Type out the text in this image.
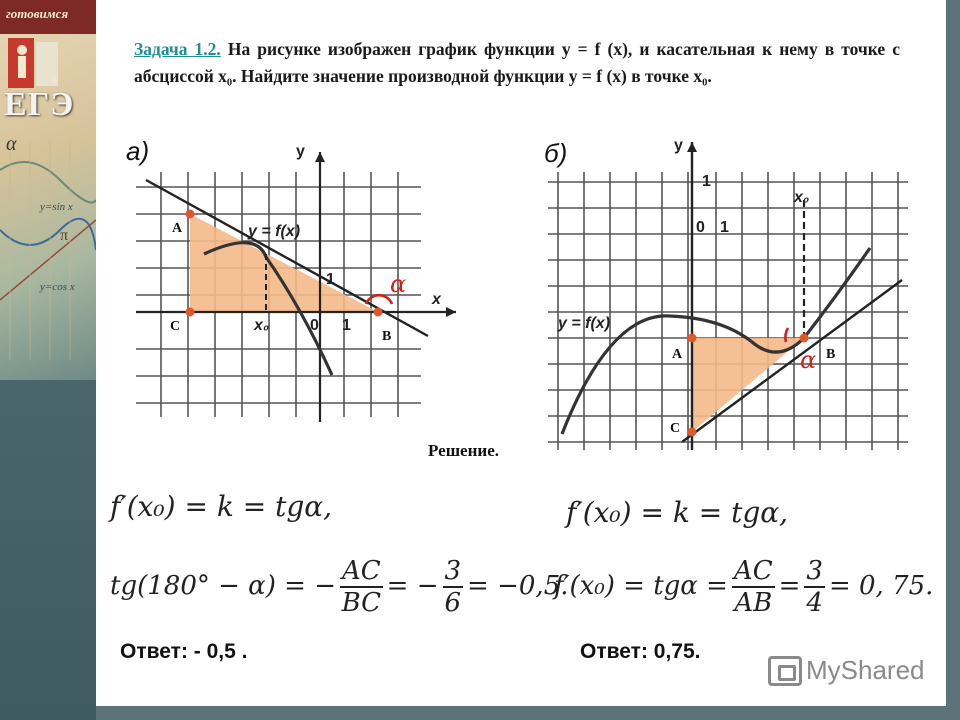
готовимся
α
y=sin x
y=cos x
π
к
ЕГЭ
Задача 1.2. На рисунке изображен график функции y = f (x), и касательная к нему в точке с абсциссой x₀. Найдите значение производной функции y = f (x) в точке x₀.
а)	y
x
y = f(x)
x₀	0 1
1
A
C
B
α
б)	y
1
0 1
x₀
y = f(x)
A	B
C
α
Решение.
f′(x₀) = k = tgα,
tg(180° − α) = − $\frac{AC}{BC}$ = − $\frac{3}{6} = -0,5$.
f′(x₀) = k = tgα,
$f'(x_0) = tg\alpha = \frac{AC}{AB} = \frac{3}{4} = 0$, 75.
Ответ: - 0,5 .	Ответ: 0,75.
MyShared
